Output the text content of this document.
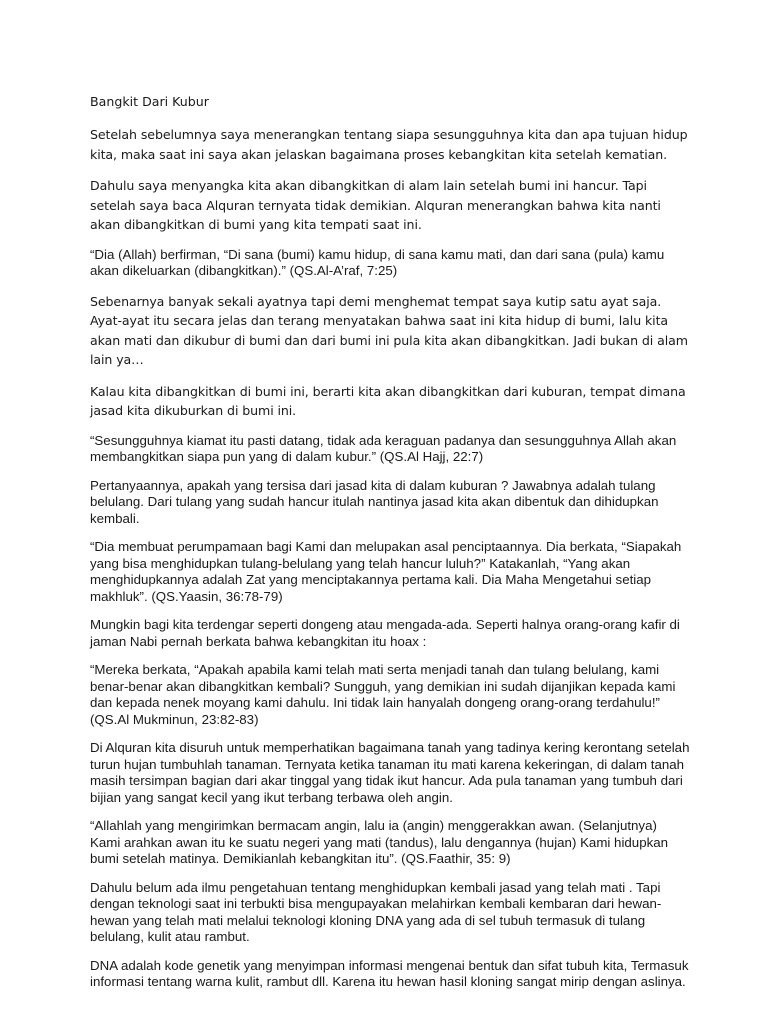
Bangkit Dari Kubur

Setelah sebelumnya saya menerangkan tentang siapa sesungguhnya kita dan apa tujuan hidup kita, maka saat ini saya akan jelaskan bagaimana proses kebangkitan kita setelah kematian.

Dahulu saya menyangka kita akan dibangkitkan di alam lain setelah bumi ini hancur. Tapi setelah saya baca Alquran ternyata tidak demikian. Alquran menerangkan bahwa kita nanti akan dibangkitkan di bumi yang kita tempati saat ini.

“Dia (Allah) berfirman, “Di sana (bumi) kamu hidup, di sana kamu mati, dan dari sana (pula) kamu akan dikeluarkan (dibangkitkan).” (QS.Al-A’raf, 7:25)

Sebenarnya banyak sekali ayatnya tapi demi menghemat tempat saya kutip satu ayat saja. Ayat-ayat itu secara jelas dan terang menyatakan bahwa saat ini kita hidup di bumi, lalu kita akan mati dan dikubur di bumi dan dari bumi ini pula kita akan dibangkitkan. Jadi bukan di alam lain ya…

Kalau kita dibangkitkan di bumi ini, berarti kita akan dibangkitkan dari kuburan, tempat dimana jasad kita dikuburkan di bumi ini.

“Sesungguhnya kiamat itu pasti datang, tidak ada keraguan padanya dan sesungguhnya Allah akan membangkitkan siapa pun yang di dalam kubur.” (QS.Al Hajj, 22:7)

Pertanyaannya, apakah yang tersisa dari jasad kita di dalam kuburan ? Jawabnya adalah tulang belulang. Dari tulang yang sudah hancur itulah nantinya jasad kita akan dibentuk dan dihidupkan kembali.

“Dia membuat perumpamaan bagi Kami dan melupakan asal penciptaannya. Dia berkata, “Siapakah yang bisa menghidupkan tulang-belulang yang telah hancur luluh?” Katakanlah, “Yang akan menghidupkannya adalah Zat yang menciptakannya pertama kali. Dia Maha Mengetahui setiap makhluk”. (QS.Yaasin, 36:78-79)

Mungkin bagi kita terdengar seperti dongeng atau mengada-ada. Seperti halnya orang-orang kafir di jaman Nabi pernah berkata bahwa kebangkitan itu hoax :

“Mereka berkata, “Apakah apabila kami telah mati serta menjadi tanah dan tulang belulang, kami benar-benar akan dibangkitkan kembali? Sungguh, yang demikian ini sudah dijanjikan kepada kami dan kepada nenek moyang kami dahulu. Ini tidak lain hanyalah dongeng orang-orang terdahulu!” (QS.Al Mukminun, 23:82-83)

Di Alquran kita disuruh untuk memperhatikan bagaimana tanah yang tadinya kering kerontang setelah turun hujan tumbuhlah tanaman. Ternyata ketika tanaman itu mati karena kekeringan, di dalam tanah masih tersimpan bagian dari akar tinggal yang tidak ikut hancur. Ada pula tanaman yang tumbuh dari bijian yang sangat kecil yang ikut terbang terbawa oleh angin.

“Allahlah yang mengirimkan bermacam angin, lalu ia (angin) menggerakkan awan. (Selanjutnya) Kami arahkan awan itu ke suatu negeri yang mati (tandus), lalu dengannya (hujan) Kami hidupkan bumi setelah matinya. Demikianlah kebangkitan itu”. (QS.Faathir, 35: 9)

Dahulu belum ada ilmu pengetahuan tentang menghidupkan kembali jasad yang telah mati . Tapi dengan teknologi saat ini terbukti bisa mengupayakan melahirkan kembali kembaran dari hewan-hewan yang telah mati melalui teknologi kloning DNA yang ada di sel tubuh termasuk di tulang belulang, kulit atau rambut.

DNA adalah kode genetik yang menyimpan informasi mengenai bentuk dan sifat tubuh kita, Termasuk informasi tentang warna kulit, rambut dll. Karena itu hewan hasil kloning sangat mirip dengan aslinya.
